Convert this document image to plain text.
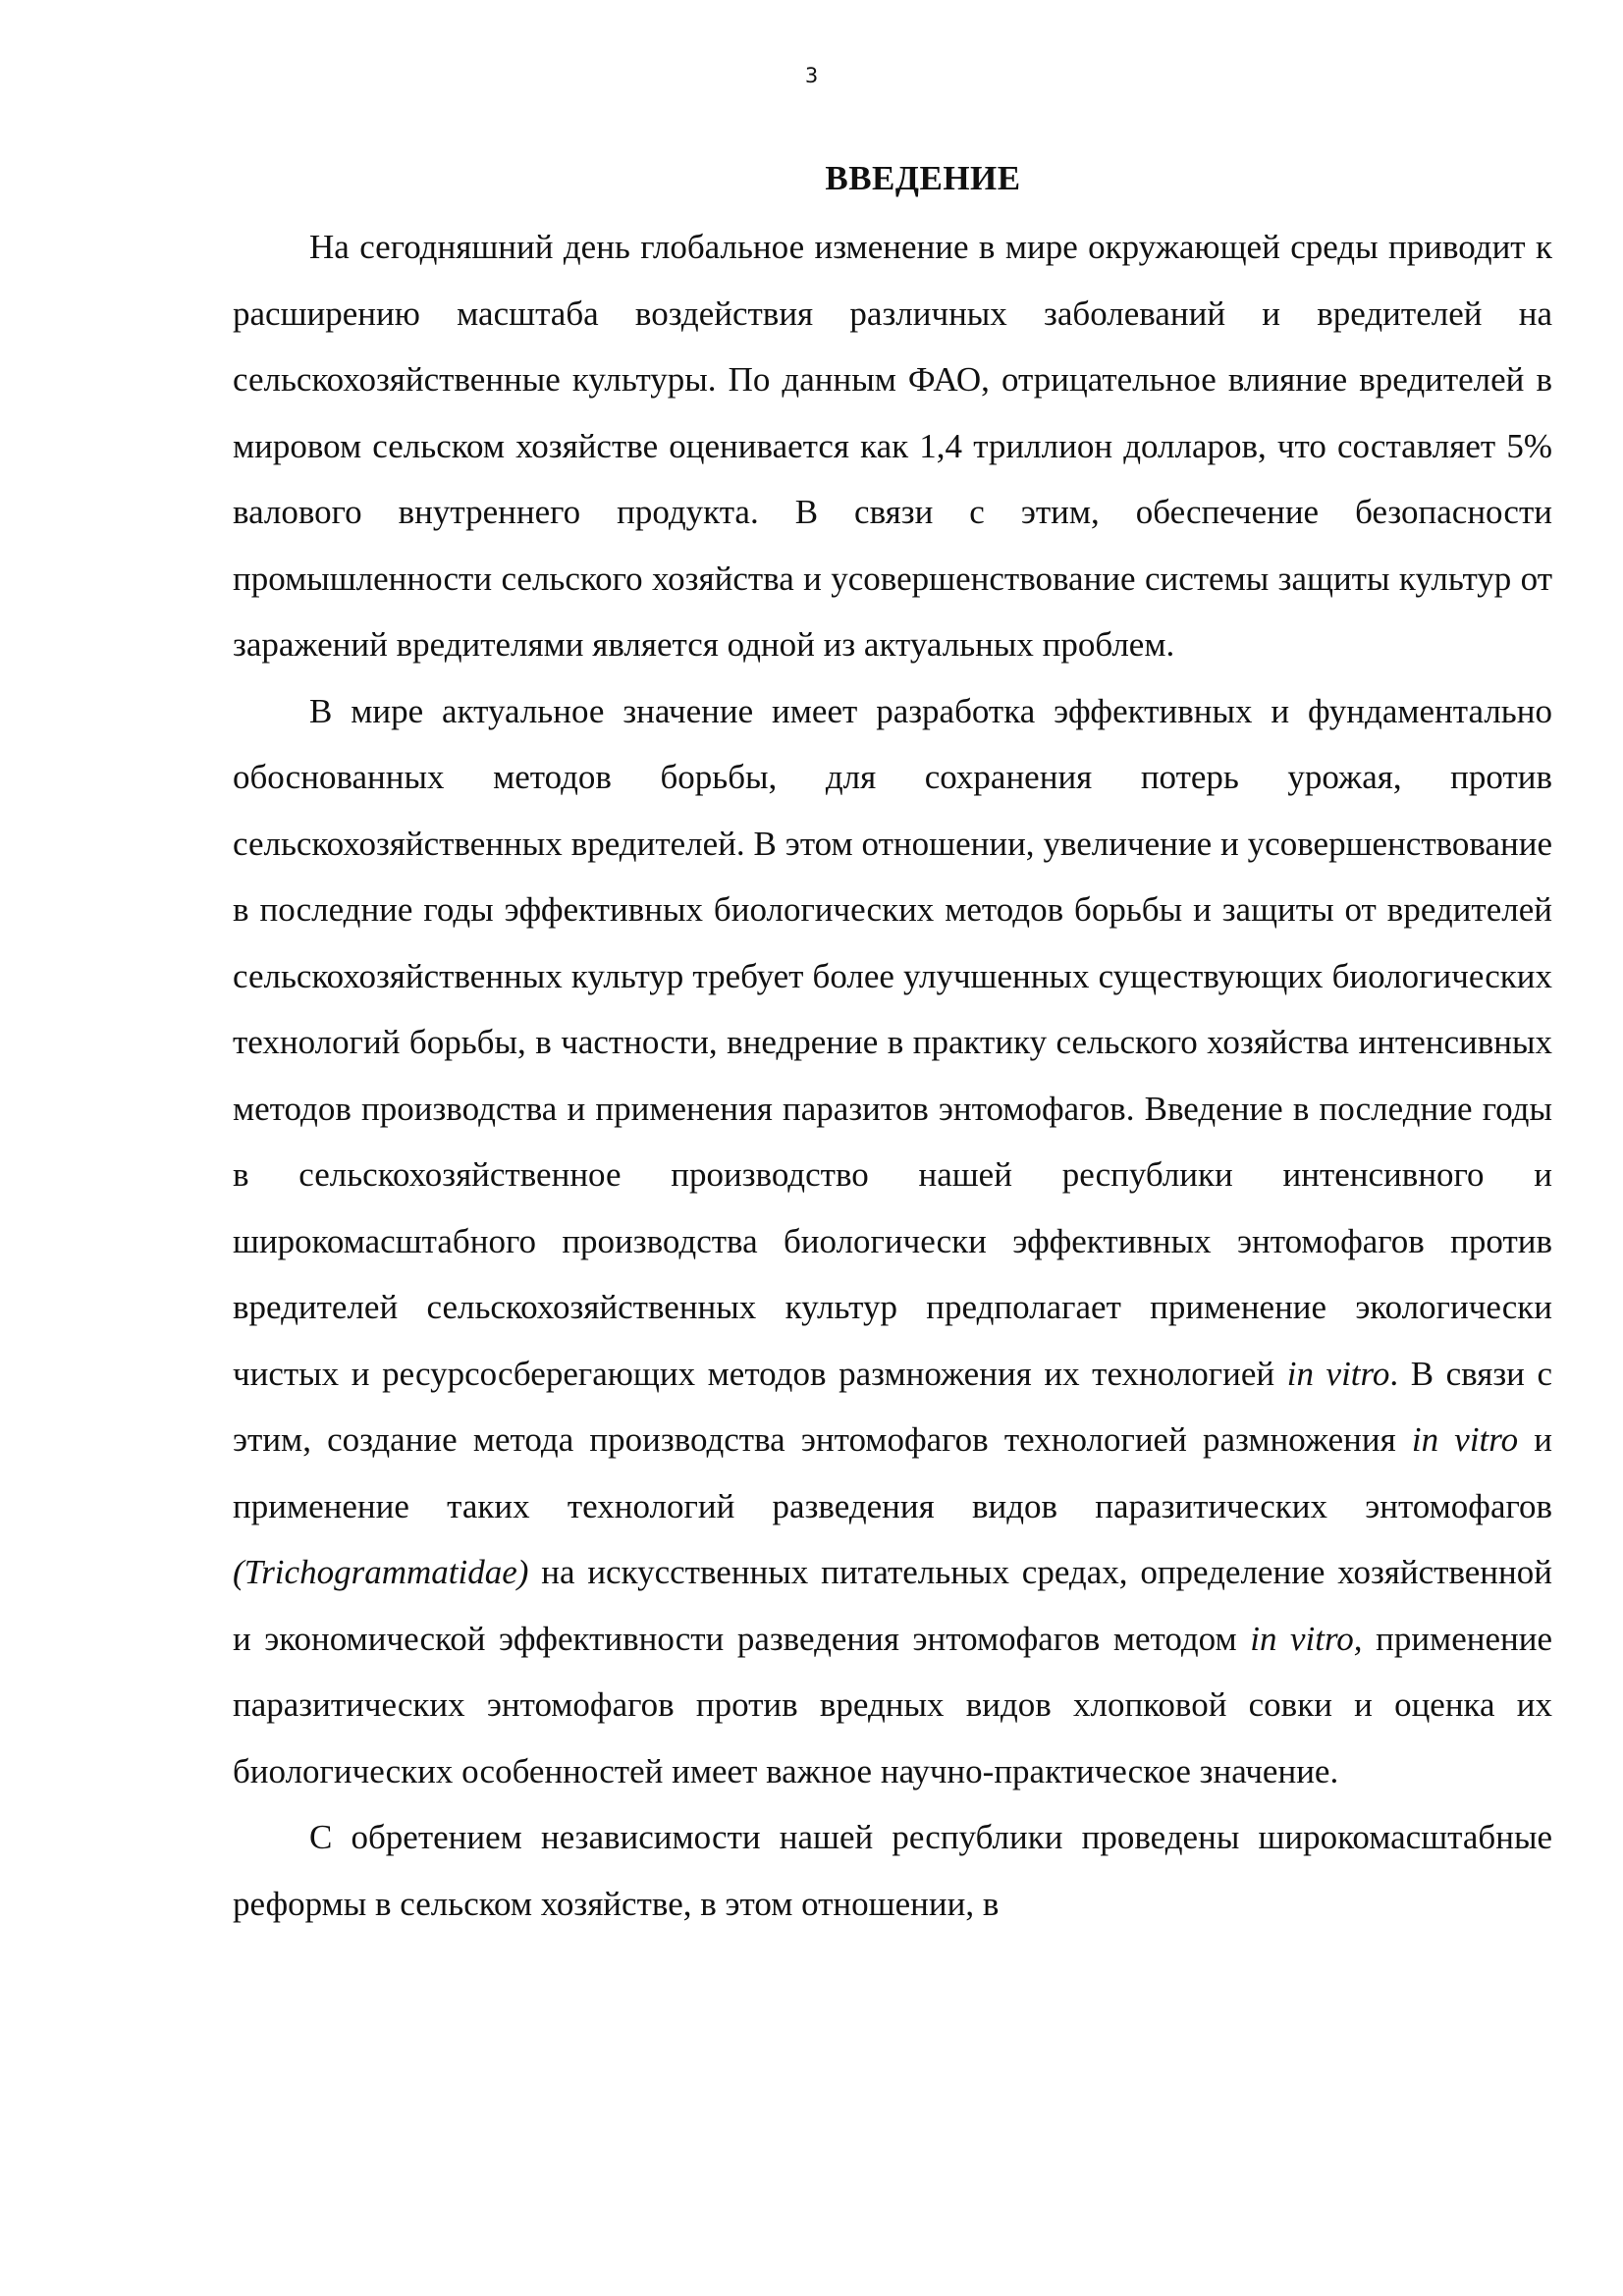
3
ВВЕДЕНИЕ

На сегодняшний день глобальное изменение в мире окружающей среды приводит к расширению масштаба воздействия различных заболеваний и вредителей на сельскохозяйственные культуры. По данным ФАО, отрицательное влияние вредителей в мировом сельском хозяйстве оценивается как 1,4 триллион долларов, что составляет 5% валового внутреннего продукта. В связи с этим, обеспечение безопасности промышленности сельского хозяйства и усовершенствование системы защиты культур от заражений вредителями является одной из актуальных проблем.

В мире актуальное значение имеет разработка эффективных и фундаментально обоснованных методов борьбы, для сохранения потерь урожая, против сельскохозяйственных вредителей. В этом отношении, увеличение и усовершенствование в последние годы эффективных биологических методов борьбы и защиты от вредителей сельскохозяйственных культур требует более улучшенных существующих биологических технологий борьбы, в частности, внедрение в практику сельского хозяйства интенсивных методов производства и применения паразитов энтомофагов. Введение в последние годы в сельскохозяйственное производство нашей республики интенсивного и широкомасштабного производства биологически эффективных энтомофагов против вредителей сельскохозяйственных культур предполагает применение экологически чистых и ресурсосберегающих методов размножения их технологией in vitro. В связи с этим, создание метода производства энтомофагов технологией размножения in vitro и применение таких технологий разведения видов паразитических энтомофагов (Trichogrammatidae) на искусственных питательных средах, определение хозяйственной и экономической эффективности разведения энтомофагов методом in vitro, применение паразитических энтомофагов против вредных видов хлопковой совки и оценка их биологических особенностей имеет важное научно-практическое значение.

С обретением независимости нашей республики проведены широкомасштабные реформы в сельском хозяйстве, в этом отношении, в
